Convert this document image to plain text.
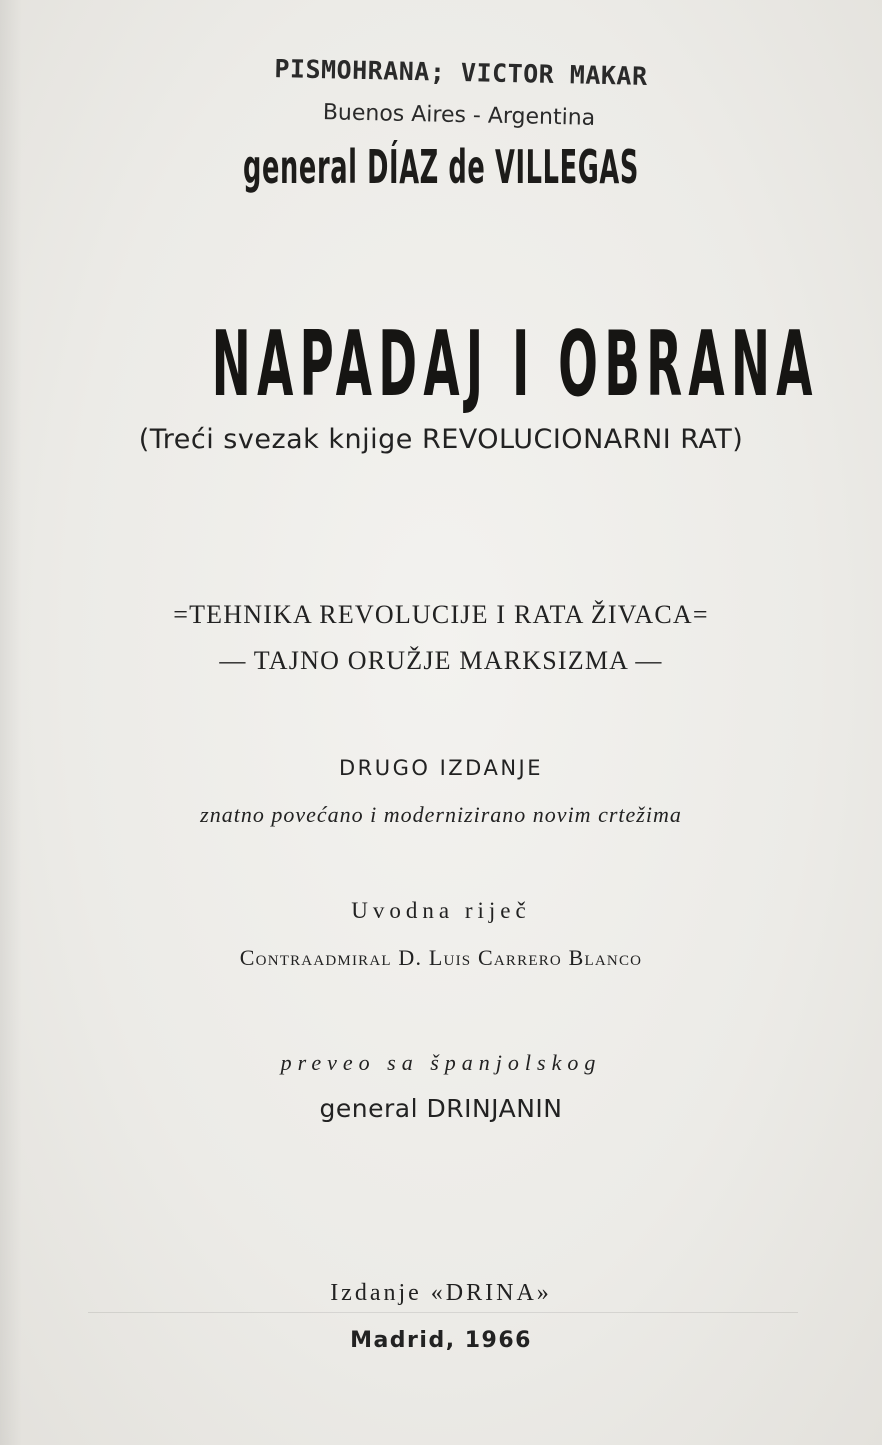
PISMOHRANA; VICTOR MAKAR
Buenos Aires - Argentina
general DÍAZ de VILLEGAS
NAPADAJ I OBRANA
(Treći svezak knjige REVOLUCIONARNI RAT)
=TEHNIKA REVOLUCIJE I RATA ŽIVACA=
— TAJNO ORUŽJE MARKSIZMA —
DRUGO IZDANJE
znatno povećano i modernizirano novim crtežima
Uvodna riječ
Contraadmiral D. Luis Carrero Blanco
preveo sa španjolskog
general DRINJANIN
Izdanje «DRINA»
Madrid, 1966
